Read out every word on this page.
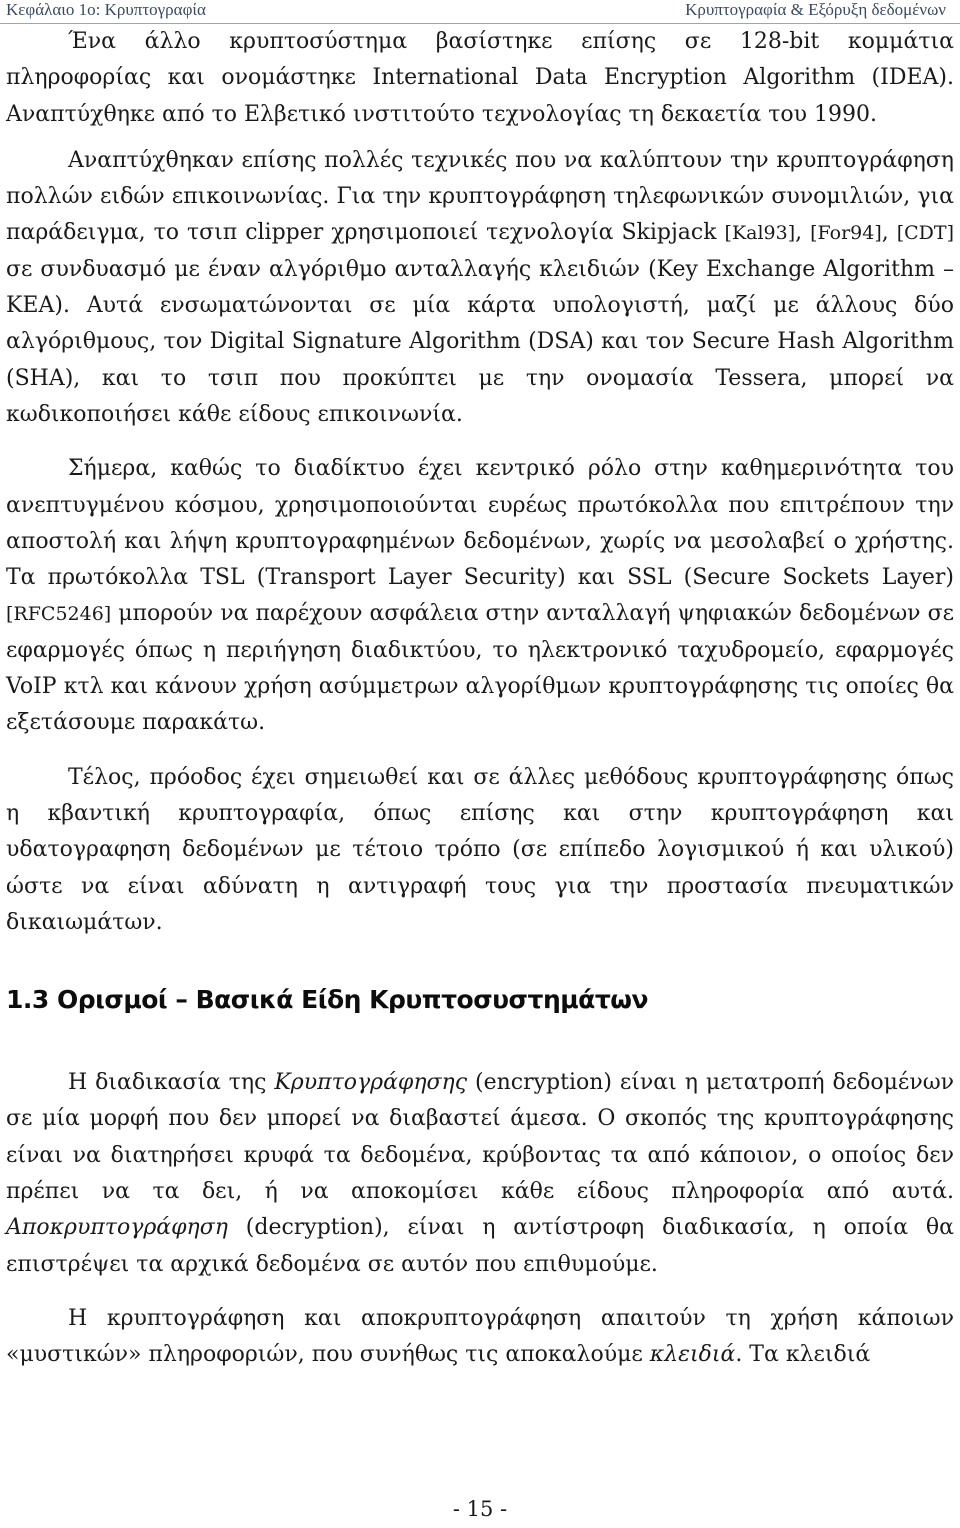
Κεφάλαιο 1ο: Κρυπτογραφία	Κρυπτογραφία & Εξόρυξη δεδομένων

Ένα άλλο κρυπτοσύστημα βασίστηκε επίσης σε 128-bit κομμάτια πληροφορίας και ονομάστηκε International Data Encryption Algorithm (IDEA). Αναπτύχθηκε από το Ελβετικό ινστιτούτο τεχνολογίας τη δεκαετία του 1990.

Αναπτύχθηκαν επίσης πολλές τεχνικές που να καλύπτουν την κρυπτογράφηση πολλών ειδών επικοινωνίας. Για την κρυπτογράφηση τηλεφωνικών συνομιλιών, για παράδειγμα, το τσιπ clipper χρησιμοποιεί τεχνολογία Skipjack [Kal93], [For94], [CDT] σε συνδυασμό με έναν αλγόριθμο ανταλλαγής κλειδιών (Key Exchange Algorithm – KEA). Αυτά ενσωματώνονται σε μία κάρτα υπολογιστή, μαζί με άλλους δύο αλγόριθμους, τον Digital Signature Algorithm (DSA) και τον Secure Hash Algorithm (SHA), και το τσιπ που προκύπτει με την ονομασία Tessera, μπορεί να κωδικοποιήσει κάθε είδους επικοινωνία.

Σήμερα, καθώς το διαδίκτυο έχει κεντρικό ρόλο στην καθημερινότητα του ανεπτυγμένου κόσμου, χρησιμοποιούνται ευρέως πρωτόκολλα που επιτρέπουν την αποστολή και λήψη κρυπτογραφημένων δεδομένων, χωρίς να μεσολαβεί ο χρήστης. Τα πρωτόκολλα TSL (Transport Layer Security) και SSL (Secure Sockets Layer) [RFC5246] μπορούν να παρέχουν ασφάλεια στην ανταλλαγή ψηφιακών δεδομένων σε εφαρμογές όπως η περιήγηση διαδικτύου, το ηλεκτρονικό ταχυδρομείο, εφαρμογές VoIP κτλ και κάνουν χρήση ασύμμετρων αλγορίθμων κρυπτογράφησης τις οποίες θα εξετάσουμε παρακάτω.

Τέλος, πρόοδος έχει σημειωθεί και σε άλλες μεθόδους κρυπτογράφησης όπως η κβαντική κρυπτογραφία, όπως επίσης και στην κρυπτογράφηση και υδατογραφηση δεδομένων με τέτοιο τρόπο (σε επίπεδο λογισμικού ή και υλικού) ώστε να είναι αδύνατη η αντιγραφή τους για την προστασία πνευματικών δικαιωμάτων.

1.3 Ορισμοί – Βασικά Είδη Κρυπτοσυστημάτων

Η διαδικασία της Κρυπτογράφησης (encryption) είναι η μετατροπή δεδομένων σε μία μορφή που δεν μπορεί να διαβαστεί άμεσα. Ο σκοπός της κρυπτογράφησης είναι να διατηρήσει κρυφά τα δεδομένα, κρύβοντας τα από κάποιον, ο οποίος δεν πρέπει να τα δει, ή να αποκομίσει κάθε είδους πληροφορία από αυτά. Αποκρυπτογράφηση (decryption), είναι η αντίστροφη διαδικασία, η οποία θα επιστρέψει τα αρχικά δεδομένα σε αυτόν που επιθυμούμε.

Η κρυπτογράφηση και αποκρυπτογράφηση απαιτούν τη χρήση κάποιων «μυστικών» πληροφοριών, που συνήθως τις αποκαλούμε κλειδιά. Τα κλειδιά

- 15 -
